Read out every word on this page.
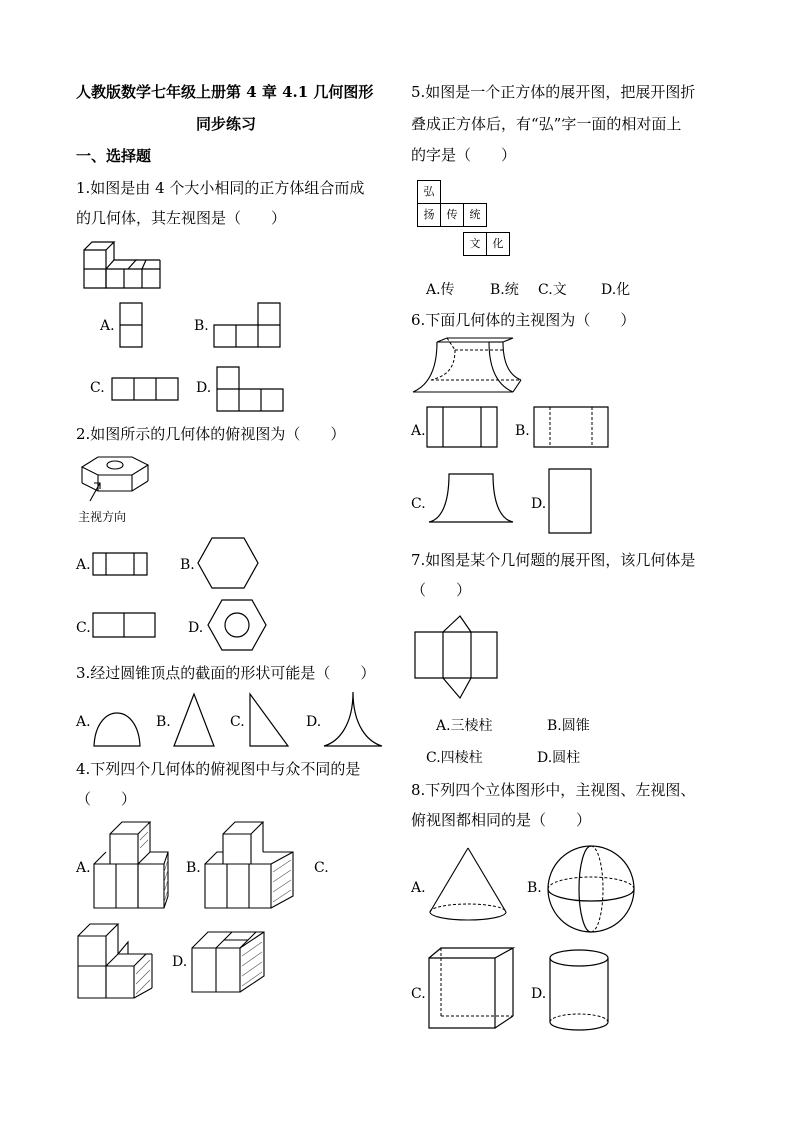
人教版数学七年级上册第 4 章 4.1 几何图形
同步练习
一、选择题
1.如图是由 4 个大小相同的正方体组合而成
的几何体，其左视图是（　　）
A.	B.
C.	D.
2.如图所示的几何体的俯视图为（　　）
主视方向
A.	B.
C.	D.
3.经过圆锥顶点的截面的形状可能是（　　）
A.	B.	C.	D.
4.下列四个几何体的俯视图中与众不同的是
（　　）
A.	B.	C.
D.
5.如图是一个正方体的展开图，把展开图折
叠成正方体后，有“弘”字一面的相对面上
的字是（　　）
弘
扬	传	统
文	化
A.传	B.统 C.文 D.化
6.下面几何体的主视图为（　　）
A.	B.
C.	D.
7.如图是某个几何题的展开图，该几何体是
（　　）
A.三棱柱	B.圆锥
C.四棱柱	D.圆柱
8.下列四个立体图形中，主视图、左视图、
俯视图都相同的是（　　）
A.	B.
C.	D.
